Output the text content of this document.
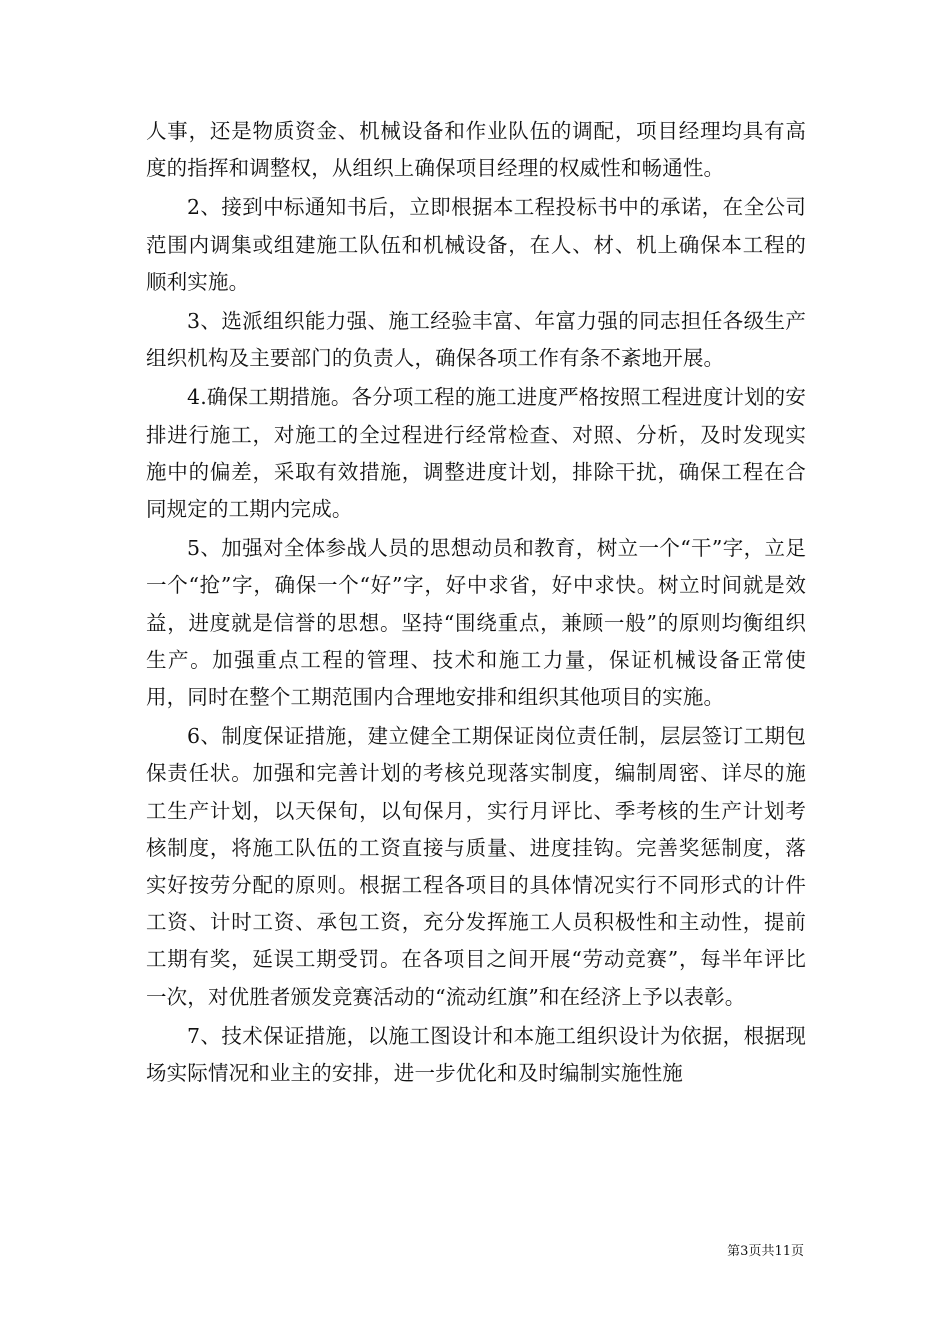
人事，还是物质资金、机械设备和作业队伍的调配，项目经理均具有高度的指挥和调整权，从组织上确保项目经理的权威性和畅通性。

2、接到中标通知书后，立即根据本工程投标书中的承诺，在全公司范围内调集或组建施工队伍和机械设备，在人、材、机上确保本工程的顺利实施。

3、选派组织能力强、施工经验丰富、年富力强的同志担任各级生产组织机构及主要部门的负责人，确保各项工作有条不紊地开展。

4.确保工期措施。各分项工程的施工进度严格按照工程进度计划的安排进行施工，对施工的全过程进行经常检查、对照、分析，及时发现实施中的偏差，采取有效措施，调整进度计划，排除干扰，确保工程在合同规定的工期内完成。

5、加强对全体参战人员的思想动员和教育，树立一个“干”字，立足一个“抢”字，确保一个“好”字，好中求省，好中求快。树立时间就是效益，进度就是信誉的思想。坚持“围绕重点，兼顾一般”的原则均衡组织生产。加强重点工程的管理、技术和施工力量，保证机械设备正常使用，同时在整个工期范围内合理地安排和组织其他项目的实施。

6、制度保证措施，建立健全工期保证岗位责任制，层层签订工期包保责任状。加强和完善计划的考核兑现落实制度，编制周密、详尽的施工生产计划，以天保旬，以旬保月，实行月评比、季考核的生产计划考核制度，将施工队伍的工资直接与质量、进度挂钩。完善奖惩制度，落实好按劳分配的原则。根据工程各项目的具体情况实行不同形式的计件工资、计时工资、承包工资，充分发挥施工人员积极性和主动性，提前工期有奖，延误工期受罚。在各项目之间开展“劳动竞赛”，每半年评比一次，对优胜者颁发竞赛活动的“流动红旗”和在经济上予以表彰。

7、技术保证措施，以施工图设计和本施工组织设计为依据，根据现场实际情况和业主的安排，进一步优化和及时编制实施性施

第3页共11页
